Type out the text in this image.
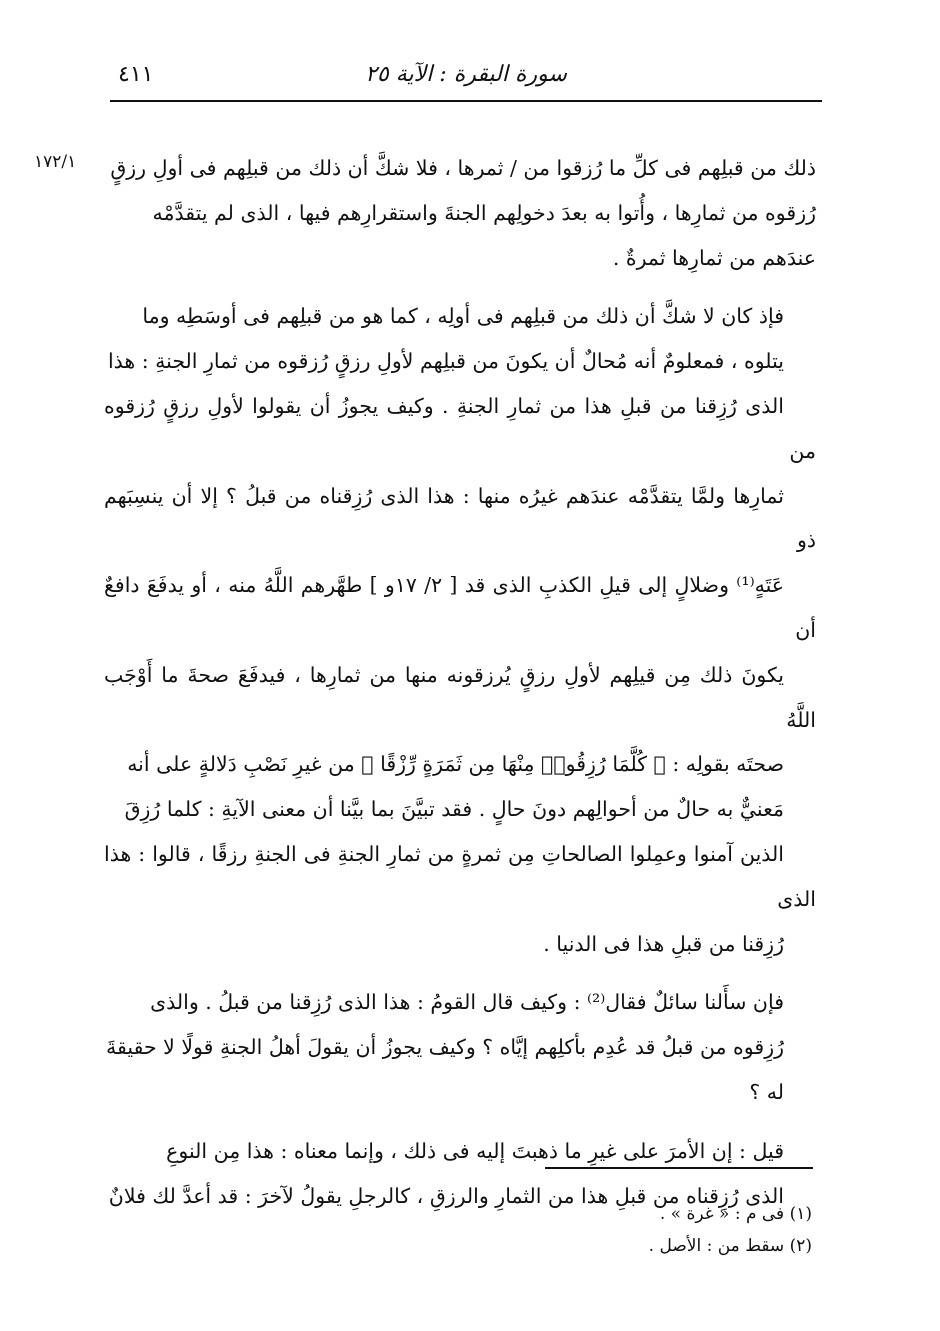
سورة البقرة : الآية ٢٥
٤١١
١٧٢/١	ذلك من قبلِهم فى كلِّ ما رُزقوا من / ثمرها ، فلا شكَّ أن ذلك من قبلِهم فى أولِ رزقٍ

رُزقوه من ثمارِها ، وأُتوا به بعدَ دخولِهم الجنةَ واستقرارِهم فيها ، الذى لم يتقدَّمْه

عندَهم من ثمارِها ثمرةٌ .

فإذ كان لا شكَّ أن ذلك من قبلِهم فى أولِه ، كما هو من قبلِهم فى أوسَطِه وما

يتلوه ، فمعلومٌ أنه مُحالٌ أن يكونَ من قبلِهم لأولِ رزقٍ رُزقوه من ثمارِ الجنةِ : هذا

الذى رُزِقنا من قبلِ هذا من ثمارِ الجنةِ . وكيف يجوزُ أن يقولوا لأولِ رزقٍ رُزقوه من

ثمارِها ولمَّا يتقدَّمْه عندَهم غيرُه منها : هذا الذى رُزِقناه من قبلُ ؟ إلا أن ينسِبَهم ذو

عَتَهٍ⁽¹⁾ وضلالٍ إلى قيلِ الكذبِ الذى قد [ ٢/ ١٧و ] طهَّرهم اللَّهُ منه ، أو يدفَعَ دافعٌ أن

يكونَ ذلك مِن قيلِهم لأولِ رزقٍ يُرزقونه منها من ثمارِها ، فيدفَعَ صحةَ ما أَوْجَب اللَّهُ

صحتَه بقولِه : ﴿ كُلَّمَا رُزِقُوا۟ مِنْهَا مِن ثَمَرَةٍ رِّزْقًا ﴾ من غيرِ نَصْبِ دَلالةٍ على أنه

مَعنيٌّ به حالٌ من أحوالِهم دونَ حالٍ . فقد تبيَّنَ بما بيَّنا أن معنى الآيةِ : كلما رُزِقَ

الذين آمنوا وعمِلوا الصالحاتِ مِن ثمرةٍ من ثمارِ الجنةِ فى الجنةِ رزقًا ، قالوا : هذا الذى

رُزِقنا من قبلِ هذا فى الدنيا .

فإن سأَلنا سائلٌ فقال⁽²⁾ : وكيف قال القومُ : هذا الذى رُزِقنا من قبلُ . والذى

رُزِقوه من قبلُ قد عُدِم بأكلِهم إيَّاه ؟ وكيف يجوزُ أن يقولَ أهلُ الجنةِ قولًا لا حقيقةَ

له ؟

قيل : إن الأمرَ على غيرِ ما ذهبتَ إليه فى ذلك ، وإنما معناه : هذا مِن النوعِ

الذى رُزِقناه من قبلِ هذا من الثمارِ والرزقِ ، كالرجلِ يقولُ لآخرَ : قد أعدَّ لك فلانٌ

(١) فى م : « غرة » .
(٢) سقط من : الأصل .
